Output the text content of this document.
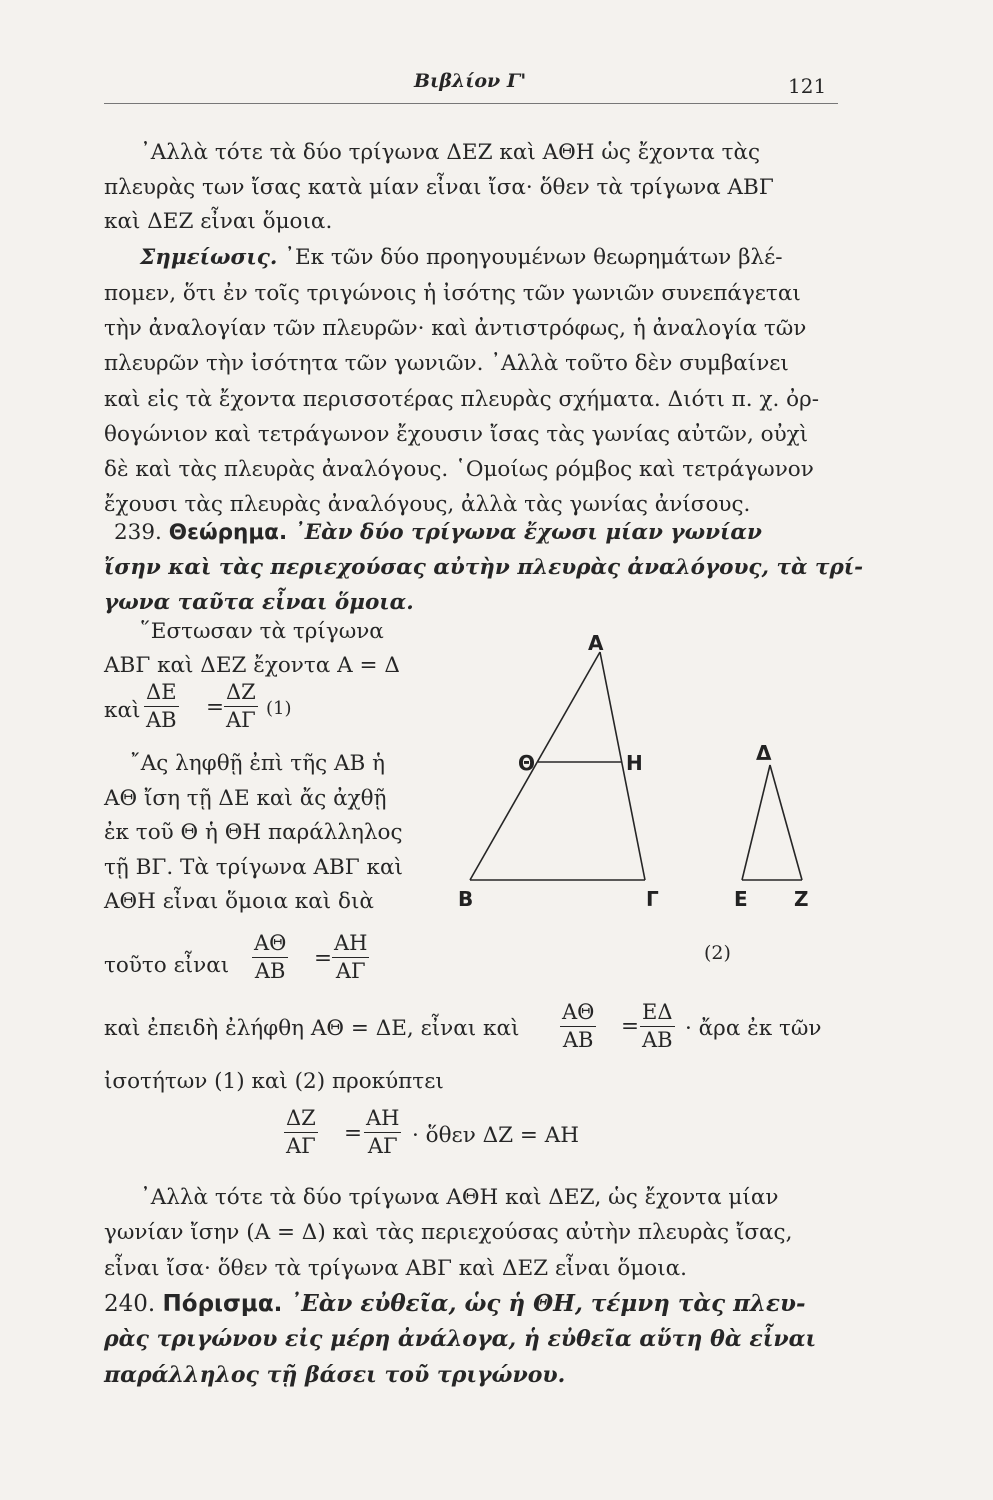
Βιβλίον Γ'	121
᾿Αλλὰ τότε τὰ δύο τρίγωνα ΔΕΖ καὶ ΑΘΗ ὡς ἔχοντα τὰς
πλευρὰς των ἴσας κατὰ μίαν εἶναι ἴσα· ὅθεν τὰ τρίγωνα ΑΒΓ
καὶ ΔΕΖ εἶναι ὅμοια.
Σημείωσις. ᾿Εκ τῶν δύο προηγουμένων θεωρημάτων βλέ-
πομεν, ὅτι ἐν τοῖς τριγώνοις ἡ ἰσότης τῶν γωνιῶν συνεπάγεται
τὴν ἀναλογίαν τῶν πλευρῶν· καὶ ἀντιστρόφως, ἡ ἀναλογία τῶν
πλευρῶν τὴν ἰσότητα τῶν γωνιῶν. ᾿Αλλὰ τοῦτο δὲν συμβαίνει
καὶ εἰς τὰ ἔχοντα περισσοτέρας πλευρὰς σχήματα. Διότι π. χ. ὀρ-
θογώνιον καὶ τετράγωνον ἔχουσιν ἴσας τὰς γωνίας αὐτῶν, οὐχὶ
δὲ καὶ τὰς πλευρὰς ἀναλόγους. ῾Ομοίως ρόμβος καὶ τετράγωνον
ἔχουσι τὰς πλευρὰς ἀναλόγους, ἀλλὰ τὰς γωνίας ἀνίσους.
239. Θεώρημα. ᾿Εὰν δύο τρίγωνα ἔχωσι μίαν γωνίαν
ἴσην καὶ τὰς περιεχούσας αὐτὴν πλευρὰς ἀναλόγους, τὰ τρί-
γωνα ταῦτα εἶναι ὅμοια.
῞Εστωσαν τὰ τρίγωνα
ΑΒΓ καὶ ΔΕΖ ἔχοντα Α = Δ
καὶ
ΔΕ
ΑΒ =
ΔΖ
ΑΓ (1)
῎Ας ληφθῇ ἐπὶ τῆς ΑΒ ἡ
ΑΘ ἴση τῇ ΔΕ καὶ ἄς ἀχθῇ
ἐκ τοῦ Θ ἡ ΘΗ παράλληλος
τῇ ΒΓ. Τὰ τρίγωνα ΑΒΓ καὶ
ΑΘΗ εἶναι ὅμοια καὶ διὰ
τοῦτο εἶναι
ΑΘ
ΑΒ =
ΑΗ
ΑΓ
(2)
καὶ ἐπειδὴ ἐλήφθη ΑΘ = ΔΕ, εἶναι καὶ
ΑΘ
ΑΒ
=
ΕΔ
ΑΒ · ἄρα ἐκ τῶν
ἰσοτήτων (1) καὶ (2) προκύπτει
ΔΖ
ΑΓ =
ΑΗ
ΑΓ · ὅθεν ΔΖ = ΑΗ
᾿Αλλὰ τότε τὰ δύο τρίγωνα ΑΘΗ καὶ ΔΕΖ, ὡς ἔχοντα μίαν
γωνίαν ἴσην (Α = Δ) καὶ τὰς περιεχούσας αὐτὴν πλευρὰς ἴσας,
εἶναι ἴσα· ὅθεν τὰ τρίγωνα ΑΒΓ καὶ ΔΕΖ εἶναι ὅμοια.
240. Πόρισμα. ᾿Εὰν εὐθεῖα, ὡς ἡ ΘΗ, τέμνη τὰς πλευ-
ρὰς τριγώνου εἰς μέρη ἀνάλογα, ἡ εὐθεῖα αὕτη θὰ εἶναι
παράλληλος τῇ βάσει τοῦ τριγώνου.
A
B	Γ
Θ	H	Δ
E Z
